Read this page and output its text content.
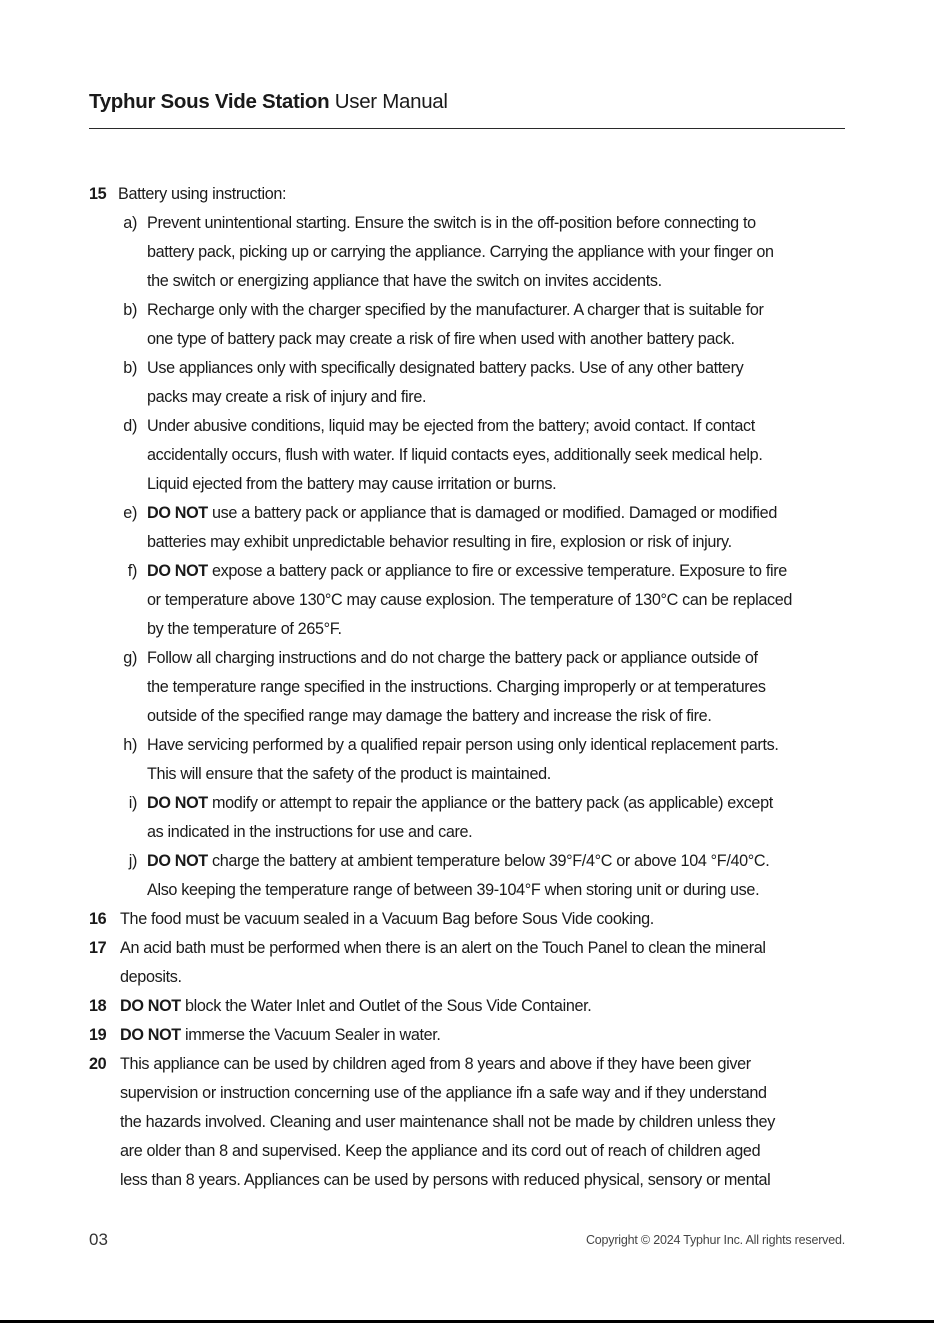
Typhur Sous Vide Station User Manual
15 Battery using instruction:
a) Prevent unintentional starting. Ensure the switch is in the off-position before connecting to
battery pack, picking up or carrying the appliance. Carrying the appliance with your finger on
the switch or energizing appliance that have the switch on invites accidents.
b) Recharge only with the charger specified by the manufacturer. A charger that is suitable for
one type of battery pack may create a risk of fire when used with another battery pack.
b) Use appliances only with specifically designated battery packs. Use of any other battery
packs may create a risk of injury and fire.
d) Under abusive conditions, liquid may be ejected from the battery; avoid contact. If contact
accidentally occurs, flush with water. If liquid contacts eyes, additionally seek medical help.
Liquid ejected from the battery may cause irritation or burns.
e) DO NOT use a battery pack or appliance that is damaged or modified. Damaged or modified
batteries may exhibit unpredictable behavior resulting in fire, explosion or risk of injury.
f) DO NOT expose a battery pack or appliance to fire or excessive temperature. Exposure to fire
or temperature above 130°C may cause explosion. The temperature of 130°C can be replaced
by the temperature of 265°F.
g) Follow all charging instructions and do not charge the battery pack or appliance outside of
the temperature range specified in the instructions. Charging improperly or at temperatures
outside of the specified range may damage the battery and increase the risk of fire.
h) Have servicing performed by a qualified repair person using only identical replacement parts.
This will ensure that the safety of the product is maintained.
i) DO NOT modify or attempt to repair the appliance or the battery pack (as applicable) except
as indicated in the instructions for use and care.
j) DO NOT charge the battery at ambient temperature below 39°F/4°C or above 104 °F/40°C.
Also keeping the temperature range of between 39-104°F when storing unit or during use.
16 The food must be vacuum sealed in a Vacuum Bag before Sous Vide cooking.
17 An acid bath must be performed when there is an alert on the Touch Panel to clean the mineral
deposits.
18 DO NOT block the Water Inlet and Outlet of the Sous Vide Container.
19 DO NOT immerse the Vacuum Sealer in water.
20 This appliance can be used by children aged from 8 years and above if they have been giver
supervision or instruction concerning use of the appliance ifn a safe way and if they understand
the hazards involved. Cleaning and user maintenance shall not be made by children unless they
are older than 8 and supervised. Keep the appliance and its cord out of reach of children aged
less than 8 years. Appliances can be used by persons with reduced physical, sensory or mental
03	Copyright © 2024 Typhur Inc. All rights reserved.
